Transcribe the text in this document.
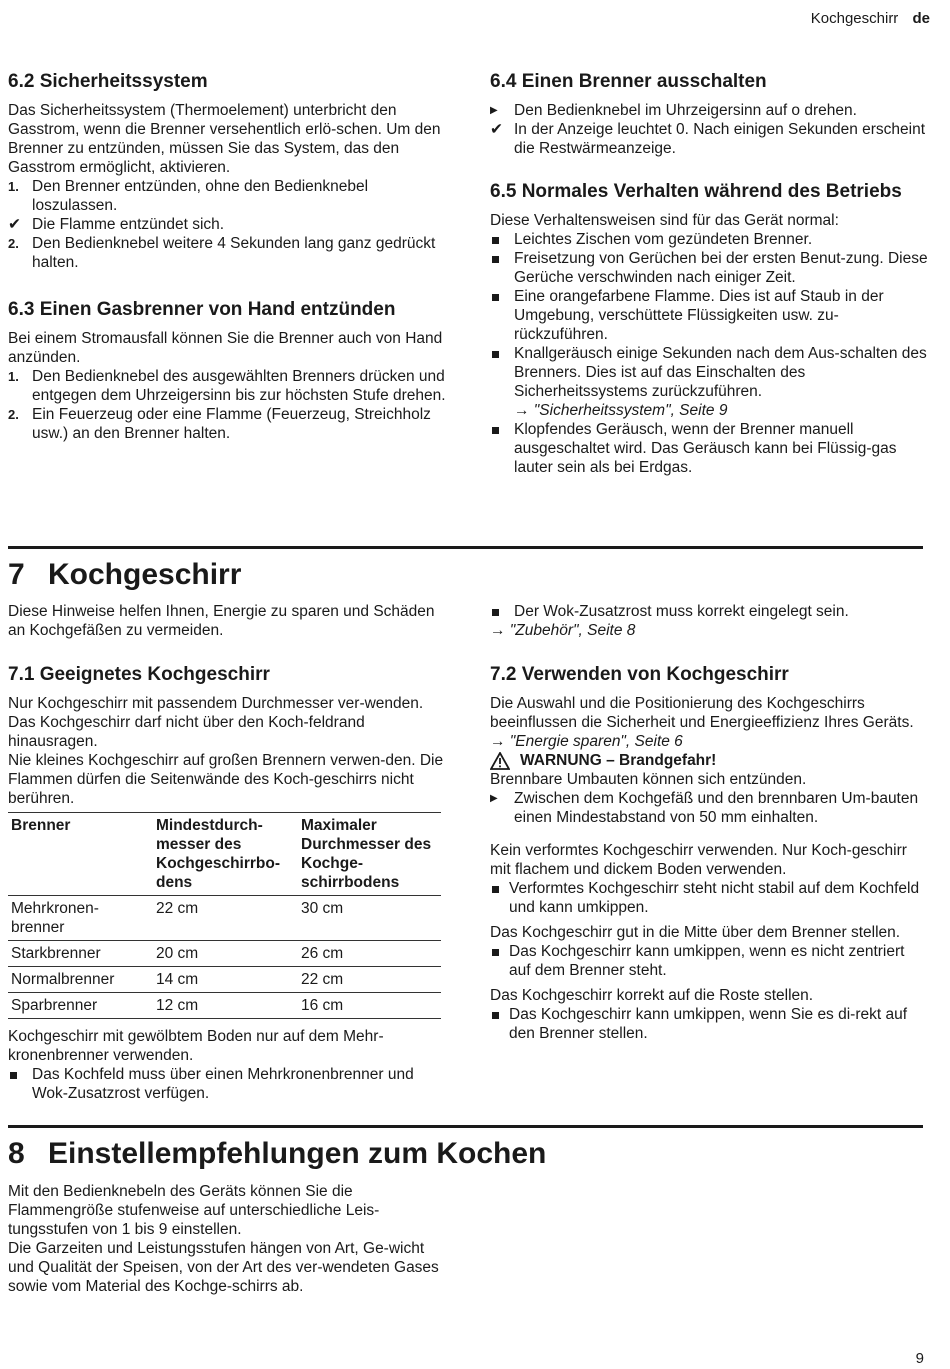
Kochgeschirr de
6.2 Sicherheitssystem

Das Sicherheitssystem (Thermoelement) unterbricht den Gasstrom, wenn die Brenner versehentlich erlö-schen. Um den Brenner zu entzünden, müssen Sie das System, das den Gasstrom ermöglicht, aktivieren.

1. Den Brenner entzünden, ohne den Bedienknebel loszulassen.
✔ Die Flamme entzündet sich.
2. Den Bedienknebel weitere 4 Sekunden lang ganz gedrückt halten.
6.3 Einen Gasbrenner von Hand entzünden

Bei einem Stromausfall können Sie die Brenner auch von Hand anzünden.

1. Den Bedienknebel des ausgewählten Brenners drücken und entgegen dem Uhrzeigersinn bis zur höchsten Stufe drehen.
2. Ein Feuerzeug oder eine Flamme (Feuerzeug, Streichholz usw.) an den Brenner halten.
6.4 Einen Brenner ausschalten
▶	Den Bedienknebel im Uhrzeigersinn auf o drehen.
✔ In der Anzeige leuchtet 0. Nach einigen Sekunden erscheint die Restwärmeanzeige.
6.5 Normales Verhalten während des Betriebs

Diese Verhaltensweisen sind für das Gerät normal:

Leichtes Zischen vom gezündeten Brenner.
Freisetzung von Gerüchen bei der ersten Benut-zung. Diese Gerüche verschwinden nach einiger Zeit.
Eine orangefarbene Flamme. Dies ist auf Staub in der Umgebung, verschüttete Flüssigkeiten usw. zu-rückzuführen.
Knallgeräusch einige Sekunden nach dem Aus-schalten des Brenners. Dies ist auf das Einschalten des Sicherheitssystems zurückzuführen.
→ "Sicherheitssystem", Seite 9
Klopfendes Geräusch, wenn der Brenner manuell ausgeschaltet wird. Das Geräusch kann bei Flüssig-gas lauter sein als bei Erdgas.
7 Kochgeschirr

Diese Hinweise helfen Ihnen, Energie zu sparen und Schäden an Kochgefäßen zu vermeiden.

Der Wok-Zusatzrost muss korrekt eingelegt sein.

→ "Zubehör", Seite 8

7.1 Geeignetes Kochgeschirr

Nur Kochgeschirr mit passendem Durchmesser ver-wenden. Das Kochgeschirr darf nicht über den Koch-feldrand hinausragen.

Nie kleines Kochgeschirr auf großen Brennern verwen-den. Die Flammen dürfen die Seitenwände des Koch-geschirrs nicht berühren.

Brenner	Mindestdurch-messer des Kochgeschirrbo-dens	Maximaler Durchmesser des Kochge-schirrbodens
Mehrkronen-brenner	22 cm	30 cm
Starkbrenner	20 cm	26 cm
Normalbrenner	14 cm	22 cm
Sparbrenner	12 cm	16 cm

Kochgeschirr mit gewölbtem Boden nur auf dem Mehr-kronenbrenner verwenden.

Das Kochfeld muss über einen Mehrkronenbrenner und Wok-Zusatzrost verfügen.
7.2 Verwenden von Kochgeschirr

Die Auswahl und die Positionierung des Kochgeschirrs beeinflussen die Sicherheit und Energieeffizienz Ihres Geräts.

→ "Energie sparen", Seite 6

WARNUNG – Brandgefahr!

Brennbare Umbauten können sich entzünden.

▶	Zwischen dem Kochgefäß und den brennbaren Um-bauten einen Mindestabstand von 50 mm einhalten.

Kein verformtes Kochgeschirr verwenden. Nur Koch-geschirr mit flachem und dickem Boden verwenden.

Verformtes Kochgeschirr steht nicht stabil auf dem Kochfeld und kann umkippen.

Das Kochgeschirr gut in die Mitte über dem Brenner stellen.

Das Kochgeschirr kann umkippen, wenn es nicht zentriert auf dem Brenner steht.

Das Kochgeschirr korrekt auf die Roste stellen.

Das Kochgeschirr kann umkippen, wenn Sie es di-rekt auf den Brenner stellen.
8 Einstellempfehlungen zum Kochen

Mit den Bedienknebeln des Geräts können Sie die Flammengröße stufenweise auf unterschiedliche Leis-tungsstufen von 1 bis 9 einstellen.

Die Garzeiten und Leistungsstufen hängen von Art, Ge-wicht und Qualität der Speisen, von der Art des ver-wendeten Gases sowie vom Material des Kochge-schirrs ab.

9
